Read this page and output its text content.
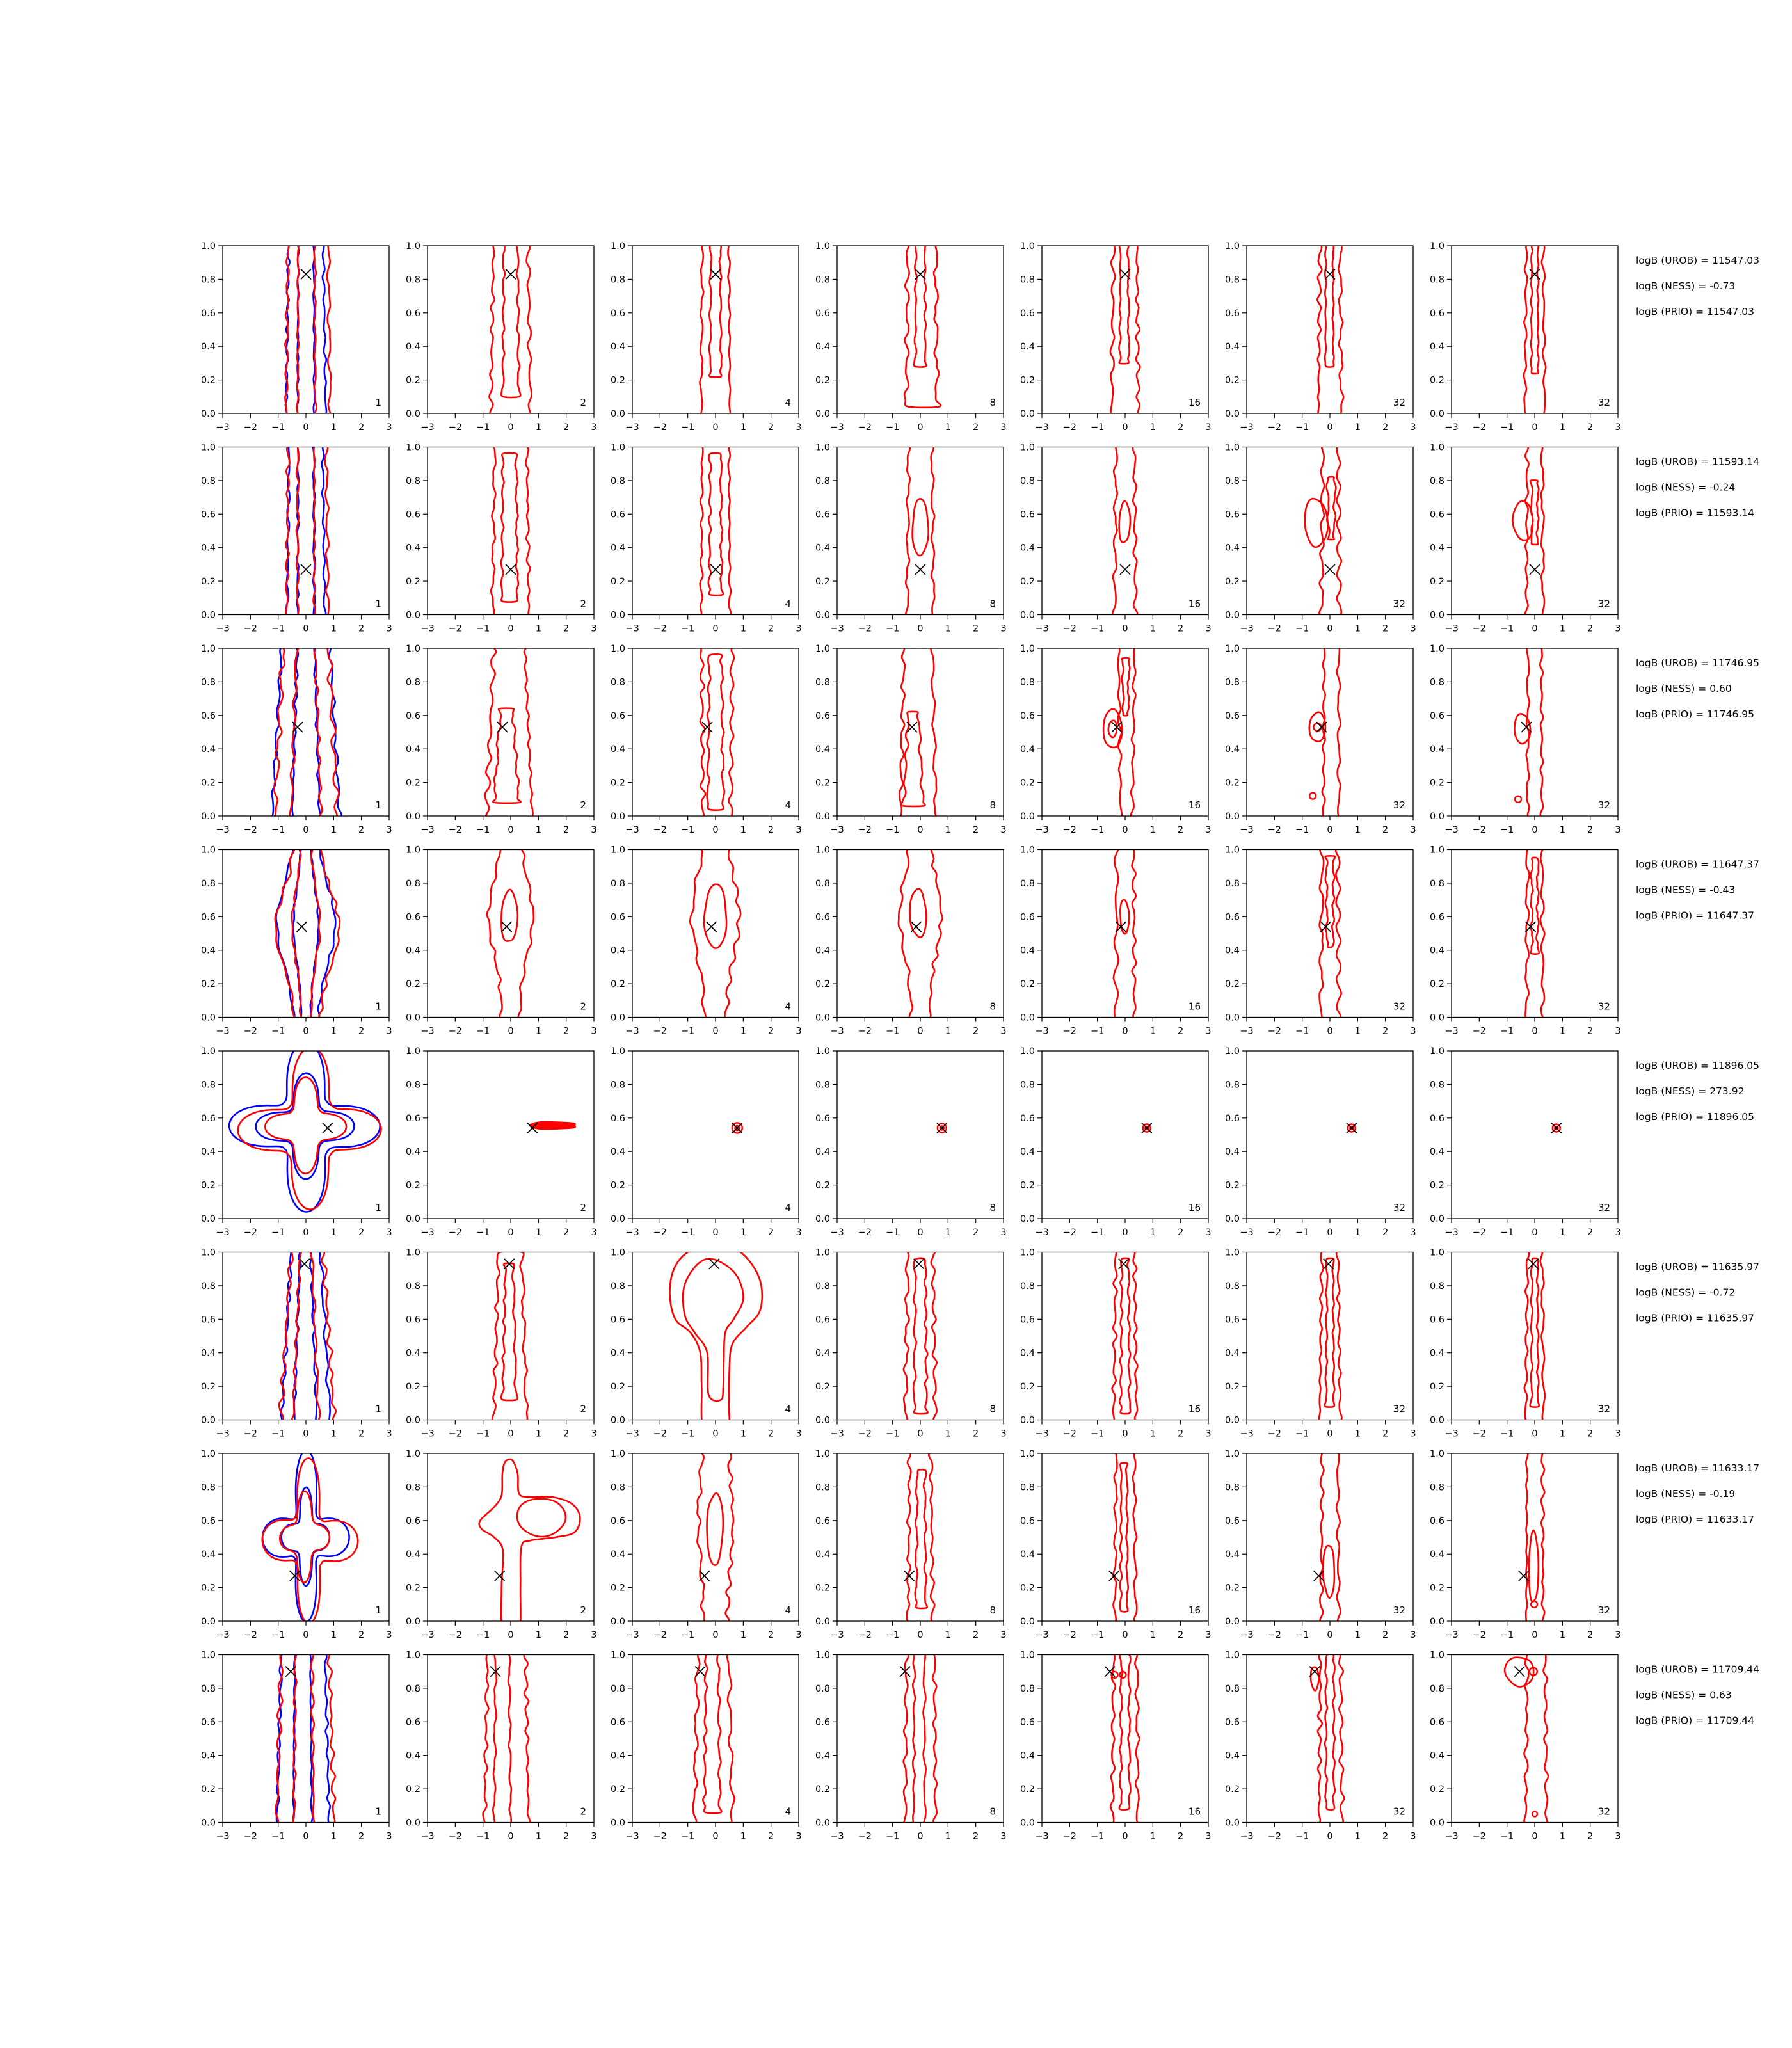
−3 −2 −1 0 1 2 3
0.0
0.2
0.4
0.6
0.8
1.0
1
−3 −2 −1 0 1 2 3
0.0
0.2
0.4
0.6
0.8
1.0
2
−3 −2 −1 0 1 2 3
0.0
0.2
0.4
0.6
0.8
1.0
4
−3 −2 −1 0 1 2 3
0.0
0.2
0.4
0.6
0.8
1.0
8
−3 −2 −1 0 1 2 3
0.0
0.2
0.4
0.6
0.8
1.0
16
−3 −2 −1 0 1 2 3
0.0
0.2
0.4
0.6
0.8
1.0
32
−3 −2 −1 0 1 2 3
0.0
0.2
0.4
0.6
0.8
1.0
32
logB (UROB) = 11547.03
logB (NESS) = -0.73
logB (PRIO) = 11547.03
−3 −2 −1 0 1 2 3
0.0
0.2
0.4
0.6
0.8
1.0
1
−3 −2 −1 0 1 2 3
0.0
0.2
0.4
0.6
0.8
1.0
2
−3 −2 −1 0 1 2 3
0.0
0.2
0.4
0.6
0.8
1.0
4
−3 −2 −1 0 1 2 3
0.0
0.2
0.4
0.6
0.8
1.0
8
−3 −2 −1 0 1 2 3
0.0
0.2
0.4
0.6
0.8
1.0
16
−3 −2 −1 0 1 2 3
0.0
0.2
0.4
0.6
0.8
1.0
32
−3 −2 −1 0 1 2 3
0.0
0.2
0.4
0.6
0.8
1.0
32
logB (UROB) = 11593.14
logB (NESS) = -0.24
logB (PRIO) = 11593.14
−3 −2 −1 0 1 2 3
0.0
0.2
0.4
0.6
0.8
1.0
1
−3 −2 −1 0 1 2 3
0.0
0.2
0.4
0.6
0.8
1.0
2
−3 −2 −1 0 1 2 3
0.0
0.2
0.4
0.6
0.8
1.0
4
−3 −2 −1 0 1 2 3
0.0
0.2
0.4
0.6
0.8
1.0
8
−3 −2 −1 0 1 2 3
0.0
0.2
0.4
0.6
0.8
1.0
16
−3 −2 −1 0 1 2 3
0.0
0.2
0.4
0.6
0.8
1.0
32
−3 −2 −1 0 1 2 3
0.0
0.2
0.4
0.6
0.8
1.0
32
logB (UROB) = 11746.95
logB (NESS) = 0.60
logB (PRIO) = 11746.95
−3 −2 −1 0 1 2 3
0.0
0.2
0.4
0.6
0.8
1.0
1
−3 −2 −1 0 1 2 3
0.0
0.2
0.4
0.6
0.8
1.0
2
−3 −2 −1 0 1 2 3
0.0
0.2
0.4
0.6
0.8
1.0
4
−3 −2 −1 0 1 2 3
0.0
0.2
0.4
0.6
0.8
1.0
8
−3 −2 −1 0 1 2 3
0.0
0.2
0.4
0.6
0.8
1.0
16
−3 −2 −1 0 1 2 3
0.0
0.2
0.4
0.6
0.8
1.0
32
−3 −2 −1 0 1 2 3
0.0
0.2
0.4
0.6
0.8
1.0
32
logB (UROB) = 11647.37
logB (NESS) = -0.43
logB (PRIO) = 11647.37
−3 −2 −1 0 1 2 3
0.0
0.2
0.4
0.6
0.8
1.0
1
−3 −2 −1 0 1 2 3
0.0
0.2
0.4
0.6
0.8
1.0
2
−3 −2 −1 0 1 2 3
0.0
0.2
0.4
0.6
0.8
1.0
4
−3 −2 −1 0 1 2 3
0.0
0.2
0.4
0.6
0.8
1.0
8
−3 −2 −1 0 1 2 3
0.0
0.2
0.4
0.6
0.8
1.0
16
−3 −2 −1 0 1 2 3
0.0
0.2
0.4
0.6
0.8
1.0
32
−3 −2 −1 0 1 2 3
0.0
0.2
0.4
0.6
0.8
1.0
32
logB (UROB) = 11896.05
logB (NESS) = 273.92
logB (PRIO) = 11896.05
−3 −2 −1 0 1 2 3
0.0
0.2
0.4
0.6
0.8
1.0
1
−3 −2 −1 0 1 2 3
0.0
0.2
0.4
0.6
0.8
1.0
2
−3 −2 −1 0 1 2 3
0.0
0.2
0.4
0.6
0.8
1.0
4
−3 −2 −1 0 1 2 3
0.0
0.2
0.4
0.6
0.8
1.0
8
−3 −2 −1 0 1 2 3
0.0
0.2
0.4
0.6
0.8
1.0
16
−3 −2 −1 0 1 2 3
0.0
0.2
0.4
0.6
0.8
1.0
32
−3 −2 −1 0 1 2 3
0.0
0.2
0.4
0.6
0.8
1.0
32
logB (UROB) = 11635.97
logB (NESS) = -0.72
logB (PRIO) = 11635.97
−3 −2 −1 0 1 2 3
0.0
0.2
0.4
0.6
0.8
1.0
1
−3 −2 −1 0 1 2 3
0.0
0.2
0.4
0.6
0.8
1.0
2
−3 −2 −1 0 1 2 3
0.0
0.2
0.4
0.6
0.8
1.0
4
−3 −2 −1 0 1 2 3
0.0
0.2
0.4
0.6
0.8
1.0
8
−3 −2 −1 0 1 2 3
0.0
0.2
0.4
0.6
0.8
1.0
16
−3 −2 −1 0 1 2 3
0.0
0.2
0.4
0.6
0.8
1.0
32
−3 −2 −1 0 1 2 3
0.0
0.2
0.4
0.6
0.8
1.0
32
logB (UROB) = 11633.17
logB (NESS) = -0.19
logB (PRIO) = 11633.17
−3 −2 −1 0 1 2 3
0.0
0.2
0.4
0.6
0.8
1.0
1
−3 −2 −1 0 1 2 3
0.0
0.2
0.4
0.6
0.8
1.0
2
−3 −2 −1 0 1 2 3
0.0
0.2
0.4
0.6
0.8
1.0
4
−3 −2 −1 0 1 2 3
0.0
0.2
0.4
0.6
0.8
1.0
8
−3 −2 −1 0 1 2 3
0.0
0.2
0.4
0.6
0.8
1.0
16
−3 −2 −1 0 1 2 3
0.0
0.2
0.4
0.6
0.8
1.0
32
−3 −2 −1 0 1 2 3
0.0
0.2
0.4
0.6
0.8
1.0
32
logB (UROB) = 11709.44
logB (NESS) = 0.63
logB (PRIO) = 11709.44
